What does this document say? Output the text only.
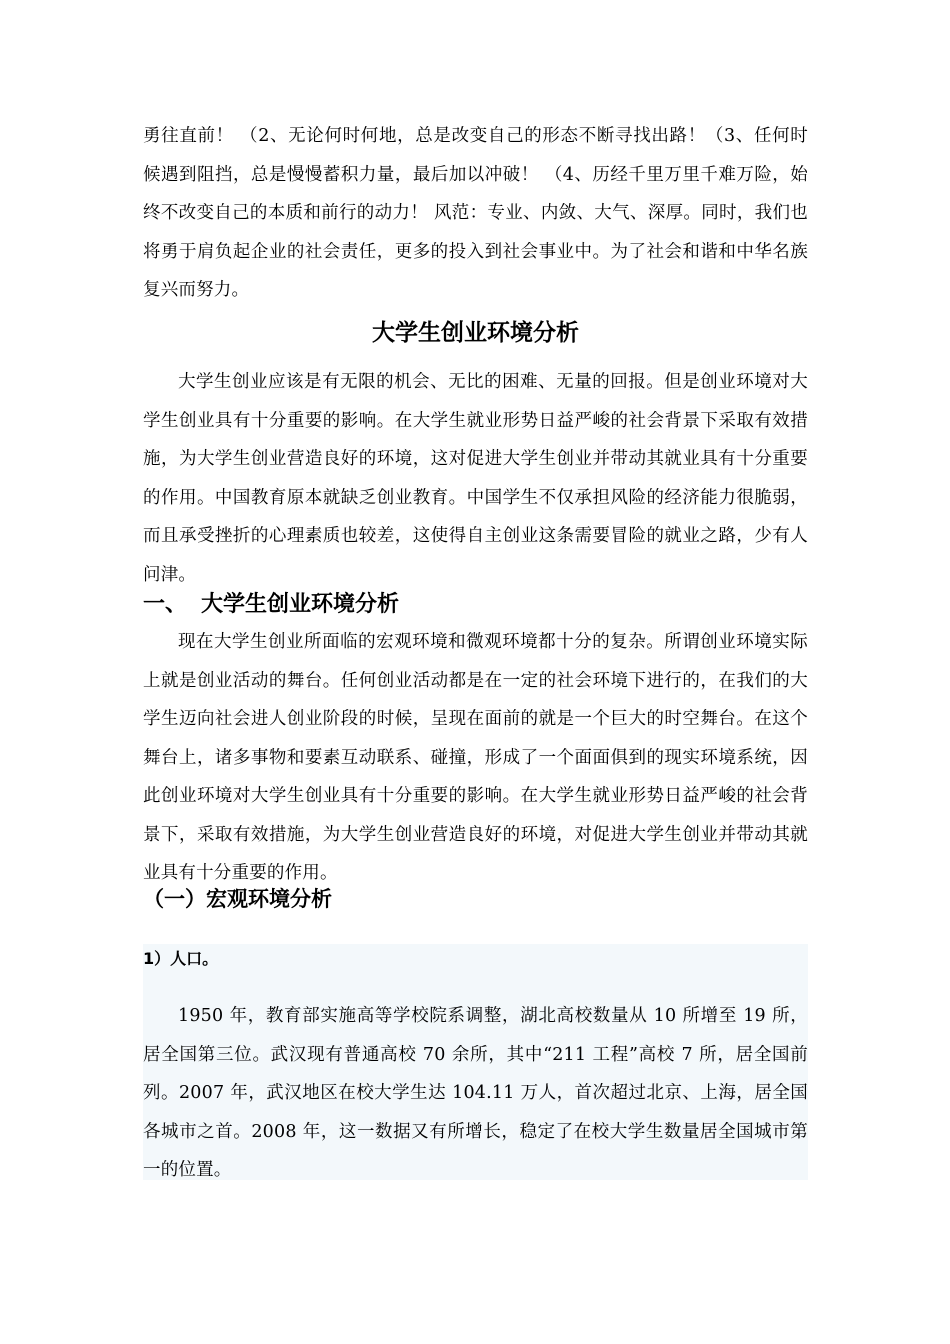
勇往直前！ （2、无论何时何地，总是改变自己的形态不断寻找出路！（3、任何时候遇到阻挡，总是慢慢蓄积力量，最后加以冲破！ （4、历经千里万里千难万险，始终不改变自己的本质和前行的动力！ 风范：专业、内敛、大气、深厚。同时，我们也将勇于肩负起企业的社会责任，更多的投入到社会事业中。为了社会和谐和中华名族复兴而努力。

大学生创业环境分析

大学生创业应该是有无限的机会、无比的困难、无量的回报。但是创业环境对大学生创业具有十分重要的影响。在大学生就业形势日益严峻的社会背景下采取有效措施，为大学生创业营造良好的环境，这对促进大学生创业并带动其就业具有十分重要的作用。中国教育原本就缺乏创业教育。中国学生不仅承担风险的经济能力很脆弱，而且承受挫折的心理素质也较差，这使得自主创业这条需要冒险的就业之路，少有人问津。

一、 大学生创业环境分析

现在大学生创业所面临的宏观环境和微观环境都十分的复杂。所谓创业环境实际上就是创业活动的舞台。任何创业活动都是在一定的社会环境下进行的，在我们的大学生迈向社会进人创业阶段的时候，呈现在面前的就是一个巨大的时空舞台。在这个舞台上，诸多事物和要素互动联系、碰撞，形成了一个面面俱到的现实环境系统，因此创业环境对大学生创业具有十分重要的影响。在大学生就业形势日益严峻的社会背景下，采取有效措施，为大学生创业营造良好的环境，对促进大学生创业并带动其就业具有十分重要的作用。

（一）宏观环境分析
1）人口。

1950 年，教育部实施高等学校院系调整，湖北高校数量从 10 所增至 19 所，居全国第三位。武汉现有普通高校 70 余所，其中“211 工程”高校 7 所，居全国前列。2007 年，武汉地区在校大学生达 104.11 万人，首次超过北京、上海，居全国各城市之首。2008 年，这一数据又有所增长，稳定了在校大学生数量居全国城市第一的位置。
